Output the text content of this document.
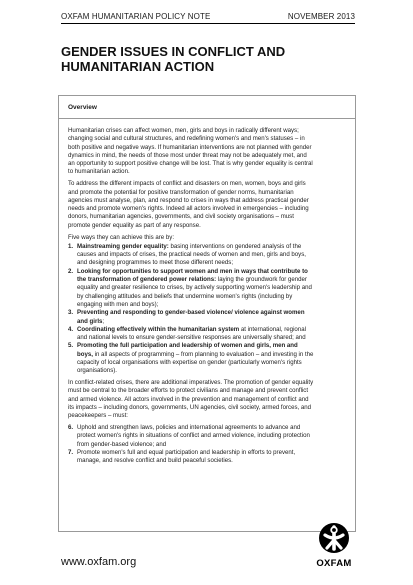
OXFAM HUMANITARIAN POLICY NOTE	NOVEMBER 2013
GENDER ISSUES IN CONFLICT AND
HUMANITARIAN ACTION
Overview
Humanitarian crises can affect women, men, girls and boys in radically different ways;
changing social and cultural structures, and redefining women's and men's statuses – in
both positive and negative ways. If humanitarian interventions are not planned with gender
dynamics in mind, the needs of those most under threat may not be adequately met, and
an opportunity to support positive change will be lost. That is why gender equality is central
to humanitarian action.
To address the different impacts of conflict and disasters on men, women, boys and girls
and promote the potential for positive transformation of gender norms, humanitarian
agencies must analyse, plan, and respond to crises in ways that address practical gender
needs and promote women's rights. Indeed all actors involved in emergencies – including
donors, humanitarian agencies, governments, and civil society organisations – must
promote gender equality as part of any response.
Five ways they can achieve this are by:
1. Mainstreaming gender equality: basing interventions on gendered analysis of the
causes and impacts of crises, the practical needs of women and men, girls and boys,
and designing programmes to meet those different needs;
2. Looking for opportunities to support women and men in ways that contribute to
the transformation of gendered power relations: laying the groundwork for gender
equality and greater resilience to crises, by actively supporting women's leadership and
by challenging attitudes and beliefs that undermine women's rights (including by
engaging with men and boys);
3. Preventing and responding to gender-based violence/ violence against women
and girls;
4. Coordinating effectively within the humanitarian system at international, regional
and national levels to ensure gender-sensitive responses are universally shared; and
5. Promoting the full participation and leadership of women and girls, men and
boys, in all aspects of programming – from planning to evaluation – and investing in the
capacity of local organisations with expertise on gender (particularly women's rights
organisations).
In conflict-related crises, there are additional imperatives. The promotion of gender equality
must be central to the broader efforts to protect civilians and manage and prevent conflict
and armed violence. All actors involved in the prevention and management of conflict and
its impacts – including donors, governments, UN agencies, civil society, armed forces, and
peacekeepers – must:
6. Uphold and strengthen laws, policies and international agreements to advance and
protect women's rights in situations of conflict and armed violence, including protection
from gender-based violence; and
7. Promote women's full and equal participation and leadership in efforts to prevent,
manage, and resolve conflict and build peaceful societies.
www.oxfam.org	OXFAM
